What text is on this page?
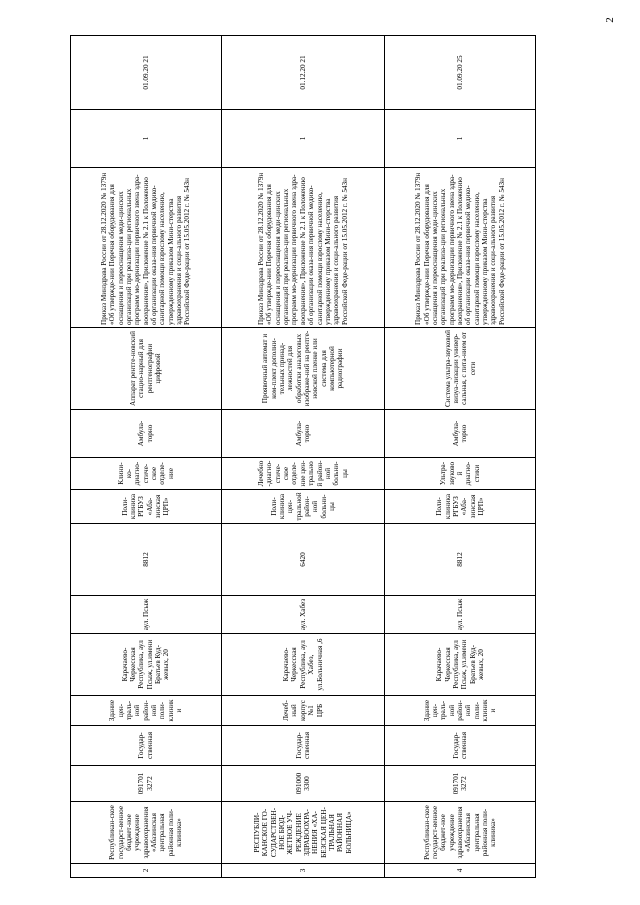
2
2	Республикан-ское государст-венное бюджет-ное учреждение здравоохранения «Абазинская центральная районная поли-клиника»	091701 3272	Государ-ственная	Здание цен-траль-ной район-ной поли-клиники	Карачаево-Черкесская Республика, аул Псыж, ул.имени Братьев Куд-жевых, 20	аул. Псыж	8812	Поли-клиника РГБУЗ «Аба-зинская ЦРП»	Клини-ко-диагно-стиче-ское отделе-ние	Амбула-торно	Аппарат рентге-новский стацио-нарный для рентгенографии цифровой	Приказ Минздрава России от 28.12.2020 № 1379н «Об утвержде-нии Перечня оборудования для оснащения и переоснащения меди-цинских организаций при реализа-ции региональных программ мо-дернизации первичного звена здра-воохранения», Приложение № 2.1 к Положению об организации оказа-ния первичной медико-санитарной помощи взрослому населению, утвержденному приказом Мини-стерства здравоохранения и соци-ального развития Российской Феде-рации от 15.05.2012 г. № 543н	1	01.09.20 21
3	РЕСПУБЛИ-КАНСКОЕ ГО-СУДАРСТВЕН-НОЕ БЮД-ЖЕТНОЕ УЧ-РЕЖДЕНИЕ ЗДРАВООХРА-НЕНИЯ «ХА-БЕЗСКАЯ ЦЕН-ТРАЛЬНАЯ РАЙОННАЯ БОЛЬНИЦА»	091000 3300	Государ-ственная	Лечеб-ный корпус №1 ЦРБ	Карачаево-Черкесская Республика, аул Хабез, ул.Больничная ,6	аул. Хабез	6420	Поли-клиника цен-тральной район-ной больни-цы	Лечебно-диагно-стиче-ское отделе-ние цен-тральной район-ной больни-цы	Амбула-торно	Проявочный автомат и ком-плект дополни-тельных принад-лежностей для обработки аналоговых изображе-ний на рентге-новской пленке или система для компьютерной радиографии	Приказ Минздрава России от 28.12.2020 № 1379н «Об утвержде-нии Перечня оборудования для оснащения и переоснащения меди-цинских организаций при реализа-ции региональных программ мо-дернизации первичного звена здра-воохранения», Приложение № 2.1 к Положению об организации оказа-ния первичной медико-санитарной помощи взрослому населению, утвержденному приказом Мини-стерства здравоохранения и соци-ального развития Российской Феде-рации от 15.05.2012 г. № 543н	1	01.12.20 21
4	Республикан-ское государст-венное бюджет-ное учреждение здравоохранения «Абазинская центральная районная поли-клиника»	091701 3272	Государ-ственная	Здание цен-траль-ной район-ной поли-клиники	Карачаево-Черкесская Республика, аул Псыж, ул.имени Братьев Куд-жевых, 20	аул. Псыж	8812	Поли-клиника РГБУЗ «Аба-зинская ЦРП»	Ультра-звуковой диагно-стики	Амбула-торно	Система ультра-звуковой визуа-лизации универ-сальная, с пита-нием от сети	Приказ Минздрава России от 28.12.2020 № 1379н «Об утвержде-нии Перечня оборудования для оснащения и переоснащения меди-цинских организаций при реализа-ции региональных программ мо-дернизации первичного звена здра-воохранения», Приложение № 2.1 к Положению об организации оказа-ния первичной медико-санитарной помощи взрослому населению, утвержденному приказом Мини-стерства здравоохранения и соци-ального развития Российской Феде-рации от 15.05.2012 г. № 543н	1	01.09.20 25
